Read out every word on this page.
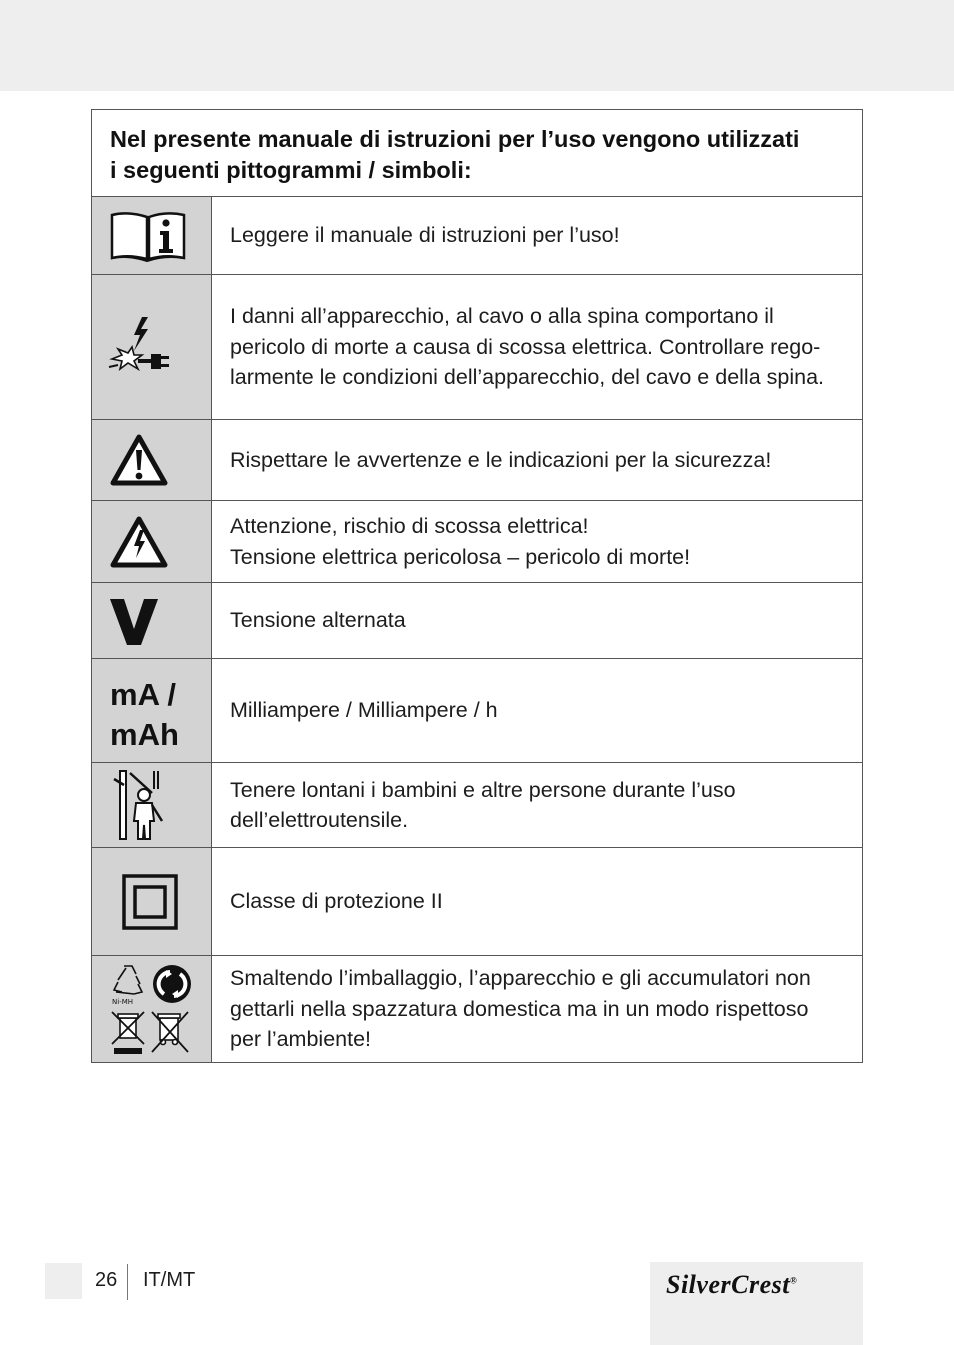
Nel presente manuale di istruzioni per l’uso vengono utilizzati
i seguenti pittogrammi / simboli:
Leggere il manuale di istruzioni per l’uso!
I danni all’apparecchio, al cavo o alla spina comportano il
pericolo di morte a causa di scossa elettrica. Controllare rego-
larmente le condizioni dell’apparecchio, del cavo e della spina.
Rispettare le avvertenze e le indicazioni per la sicurezza!
Attenzione, rischio di scossa elettrica!
Tensione elettrica pericolosa – pericolo di morte!
Tensione alternata
mA /
mAh
Milliampere / Milliampere / h
Tenere lontani i bambini e altre persone durante l’uso
dell’elettroutensile.
Classe di protezione II
Ni-MH
Smaltendo l’imballaggio, l’apparecchio e gli accumulatori non
gettarli nella spazzatura domestica ma in un modo rispettoso
per l’ambiente!
26 IT/MT	SilverCrest®
